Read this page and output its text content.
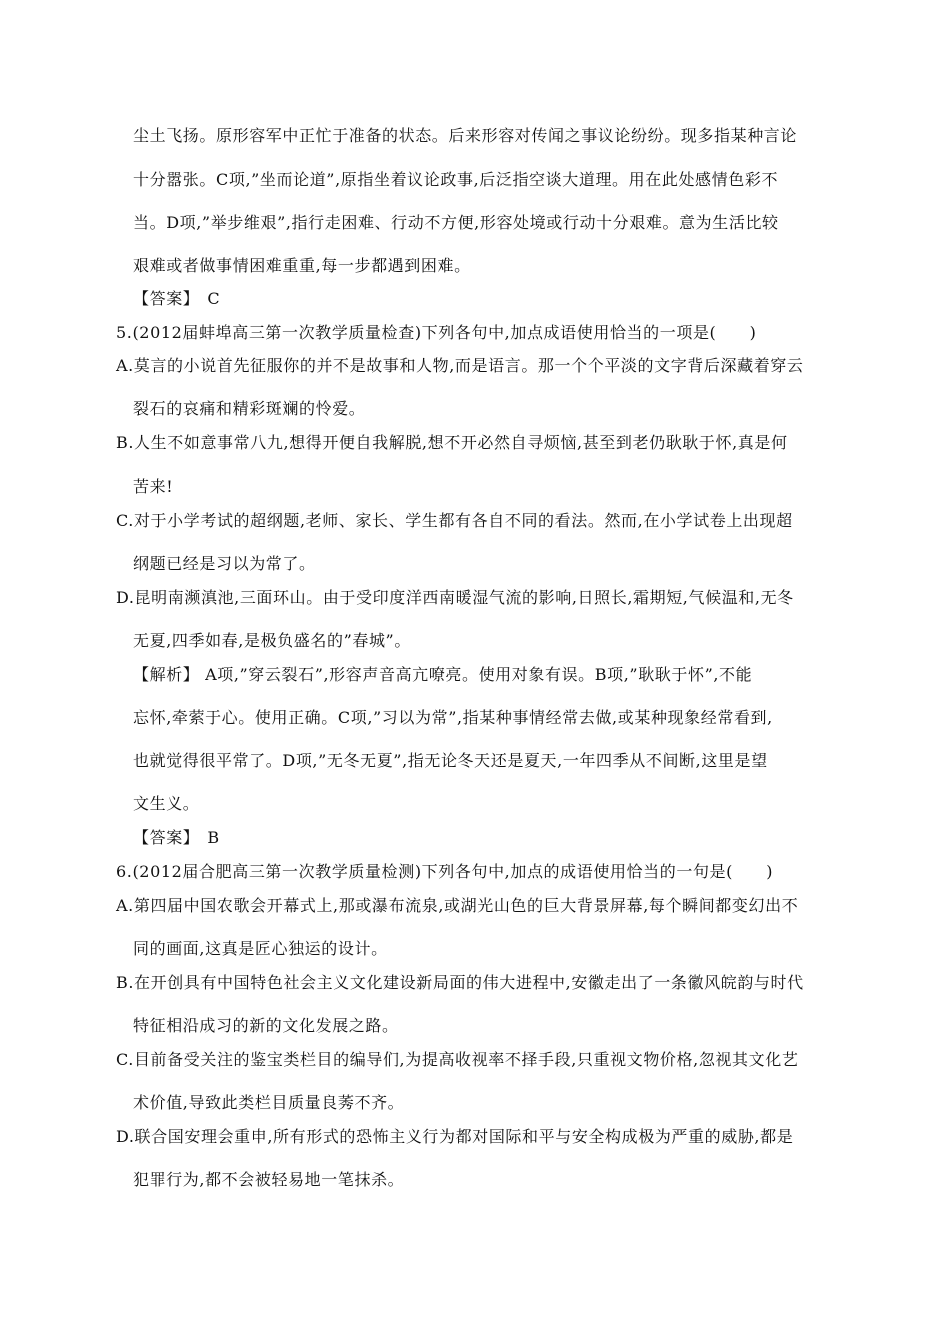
尘土飞扬。原形容军中正忙于准备的状态。后来形容对传闻之事议论纷纷。现多指某种言论
十分嚣张。C项,”坐而论道”,原指坐着议论政事,后泛指空谈大道理。用在此处感情色彩不
当。D项,”举步维艰”,指行走困难、行动不方便,形容处境或行动十分艰难。意为生活比较
艰难或者做事情困难重重,每一步都遇到困难。
【答案】 C
5.(2012届蚌埠高三第一次教学质量检查)下列各句中,加点成语使用恰当的一项是(　　)
A.莫言的小说首先征服你的并不是故事和人物,而是语言。那一个个平淡的文字背后深藏着穿云
裂石的哀痛和精彩斑斓的怜爱。
B.人生不如意事常八九,想得开便自我解脱,想不开必然自寻烦恼,甚至到老仍耿耿于怀,真是何
苦来!
C.对于小学考试的超纲题,老师、家长、学生都有各自不同的看法。然而,在小学试卷上出现超
纲题已经是习以为常了。
D.昆明南濒滇池,三面环山。由于受印度洋西南暖湿气流的影响,日照长,霜期短,气候温和,无冬
无夏,四季如春,是极负盛名的”春城”。
【解析】 A项,”穿云裂石”,形容声音高亢嘹亮。使用对象有误。B项,”耿耿于怀”,不能
忘怀,牵萦于心。使用正确。C项,”习以为常”,指某种事情经常去做,或某种现象经常看到,
也就觉得很平常了。D项,”无冬无夏”,指无论冬天还是夏天,一年四季从不间断,这里是望
文生义。
【答案】 B
6.(2012届合肥高三第一次教学质量检测)下列各句中,加点的成语使用恰当的一句是(　　)
A.第四届中国农歌会开幕式上,那或瀑布流泉,或湖光山色的巨大背景屏幕,每个瞬间都变幻出不
同的画面,这真是匠心独运的设计。
B.在开创具有中国特色社会主义文化建设新局面的伟大进程中,安徽走出了一条徽风皖韵与时代
特征相沿成习的新的文化发展之路。
C.目前备受关注的鉴宝类栏目的编导们,为提高收视率不择手段,只重视文物价格,忽视其文化艺
术价值,导致此类栏目质量良莠不齐。
D.联合国安理会重申,所有形式的恐怖主义行为都对国际和平与安全构成极为严重的威胁,都是
犯罪行为,都不会被轻易地一笔抹杀。
